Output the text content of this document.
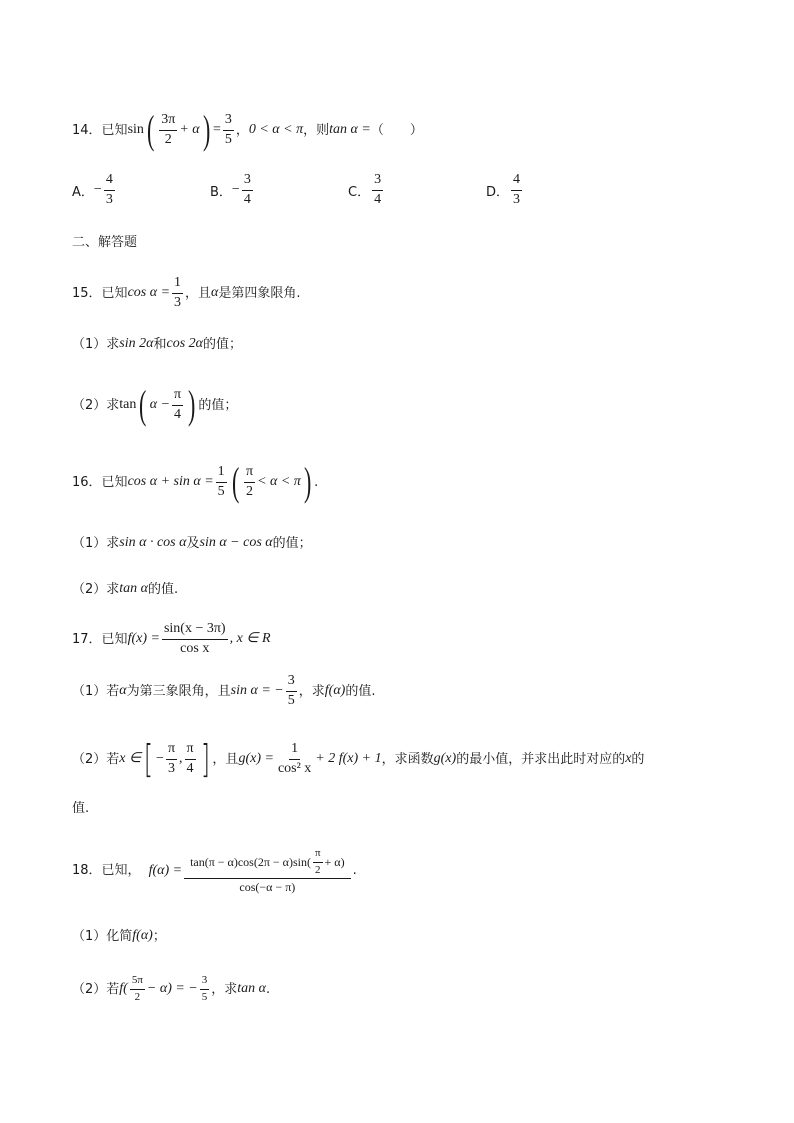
14． 已知 sin ( $\frac{3\pi}{2} + \alpha$ ) = $\frac{3}{5}$ ， 0 < α < π ，则 tan α = （　　）
A． − $\frac{4}{3}$	B． − $\frac{3}{4}$	C． $\frac{3}{4}$	D． $\frac{4}{3}$
二、解答题
15． 已知 $\cos \alpha = \frac{1}{3}$ ，且 α 是第四象限角.
（1）求 sin 2α 和 cos 2α 的值；
（2）求 tan ( $\alpha - \frac{\pi}{4}$ ) 的值；
16． 已知 $\cos \alpha + \sin \alpha = \frac{1}{5}$ ( $\frac{\pi}{2} < \alpha < \pi$ ) .
（1）求 sin α · cos α 及 sin α − cos α 的值；
（2）求 tan α 的值.
17． 已知 $f(x) = \frac{\sin(x - 3\pi)}{\text{cos x}}$ , x ∈ R
（1）若 α 为第三象限角，且 sin α = − $\frac{3}{5}$ ，求 f(α) 的值.
（2）若 x ∈ [ − $\frac{\pi}{3}$ , $\frac{\pi}{4}$ ] ，且 $g(x) = \frac{1}{\text{cos² x}} + 2$ f(x) + 1 ，求函数 g(x) 的最小值，并求出此时对应的 x 的
值.
18． 已知， f(α) =
$\tan(\pi - \alpha)\cos(2\pi - \alpha)\sin( \frac{\pi}{2} + \alpha)$
cos(−α − π)
.
（1）化简 f(α) ；
（2）若 $f( \frac{5\pi}{2} - \alpha)$ = − $\frac{3}{5}$ ，求 tan α .
